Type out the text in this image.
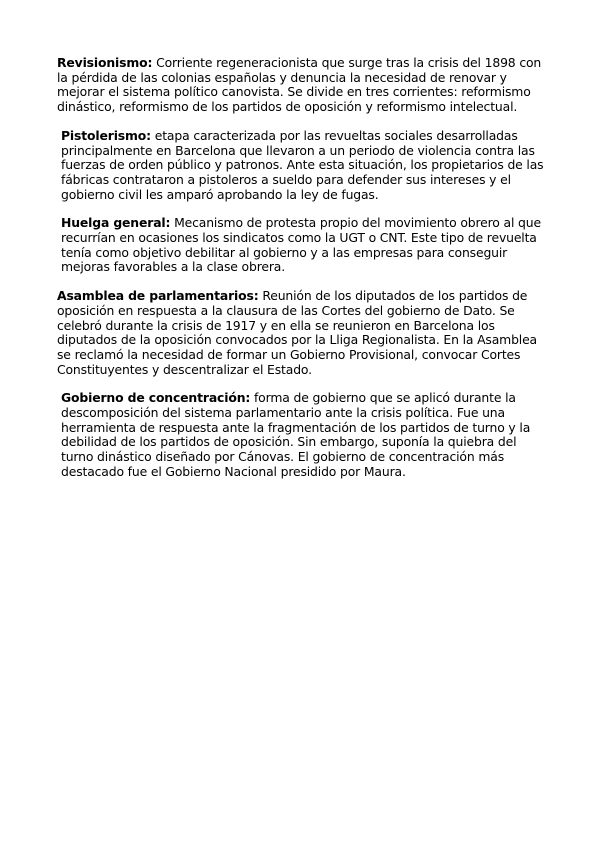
Revisionismo: Corriente regeneracionista que surge tras la crisis del 1898 con la pérdida de las colonias españolas y denuncia la necesidad de renovar y mejorar el sistema político canovista. Se divide en tres corrientes: reformismo dinástico, reformismo de los partidos de oposición y reformismo intelectual.

Pistolerismo: etapa caracterizada por las revueltas sociales desarrolladas principalmente en Barcelona que llevaron a un periodo de violencia contra las fuerzas de orden público y patronos. Ante esta situación, los propietarios de las fábricas contrataron a pistoleros a sueldo para defender sus intereses y el gobierno civil les amparó aprobando la ley de fugas.

Huelga general: Mecanismo de protesta propio del movimiento obrero al que recurrían en ocasiones los sindicatos como la UGT o CNT. Este tipo de revuelta tenía como objetivo debilitar al gobierno y a las empresas para conseguir mejoras favorables a la clase obrera.

Asamblea de parlamentarios: Reunión de los diputados de los partidos de oposición en respuesta a la clausura de las Cortes del gobierno de Dato. Se celebró durante la crisis de 1917 y en ella se reunieron en Barcelona los diputados de la oposición convocados por la Lliga Regionalista. En la Asamblea se reclamó la necesidad de formar un Gobierno Provisional, convocar Cortes Constituyentes y descentralizar el Estado.

Gobierno de concentración: forma de gobierno que se aplicó durante la descomposición del sistema parlamentario ante la crisis política. Fue una herramienta de respuesta ante la fragmentación de los partidos de turno y la debilidad de los partidos de oposición. Sin embargo, suponía la quiebra del turno dinástico diseñado por Cánovas. El gobierno de concentración más destacado fue el Gobierno Nacional presidido por Maura.
